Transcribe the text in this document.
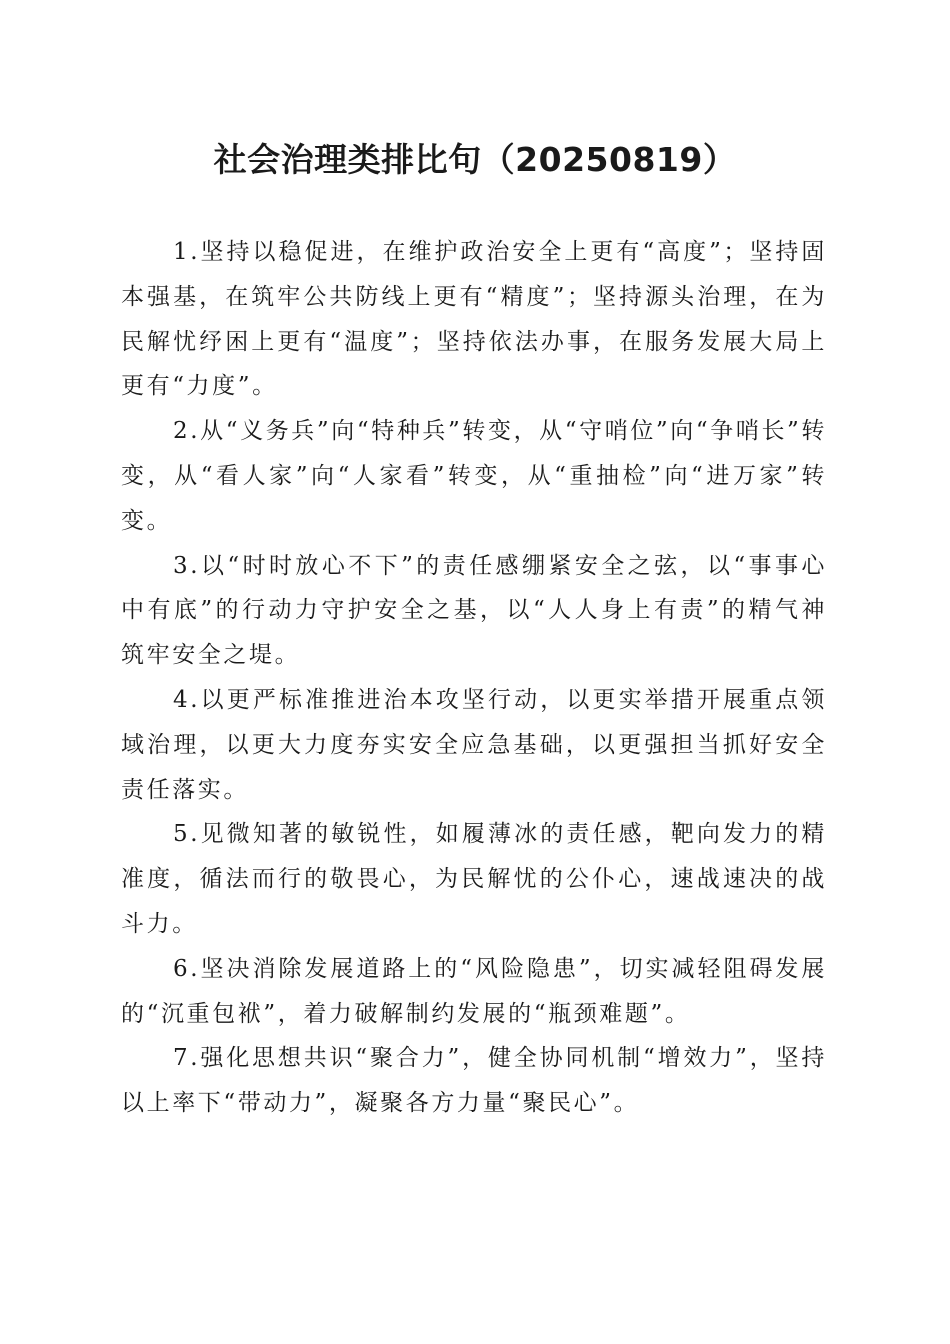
社会治理类排比句（20250819）

1.坚持以稳促进，在维护政治安全上更有“高度”；坚持固本强基，在筑牢公共防线上更有“精度”；坚持源头治理，在为民解忧纾困上更有“温度”；坚持依法办事，在服务发展大局上更有“力度”。

2.从“义务兵”向“特种兵”转变，从“守哨位”向“争哨长”转变，从“看人家”向“人家看”转变，从“重抽检”向“进万家”转变。

3.以“时时放心不下”的责任感绷紧安全之弦，以“事事心中有底”的行动力守护安全之基，以“人人身上有责”的精气神筑牢安全之堤。

4.以更严标准推进治本攻坚行动，以更实举措开展重点领域治理，以更大力度夯实安全应急基础，以更强担当抓好安全责任落实。

5.见微知著的敏锐性，如履薄冰的责任感，靶向发力的精准度，循法而行的敬畏心，为民解忧的公仆心，速战速决的战斗力。

6.坚决消除发展道路上的“风险隐患”，切实减轻阻碍发展的“沉重包袱”，着力破解制约发展的“瓶颈难题”。

7.强化思想共识“聚合力”，健全协同机制“增效力”，坚持以上率下“带动力”，凝聚各方力量“聚民心”。
